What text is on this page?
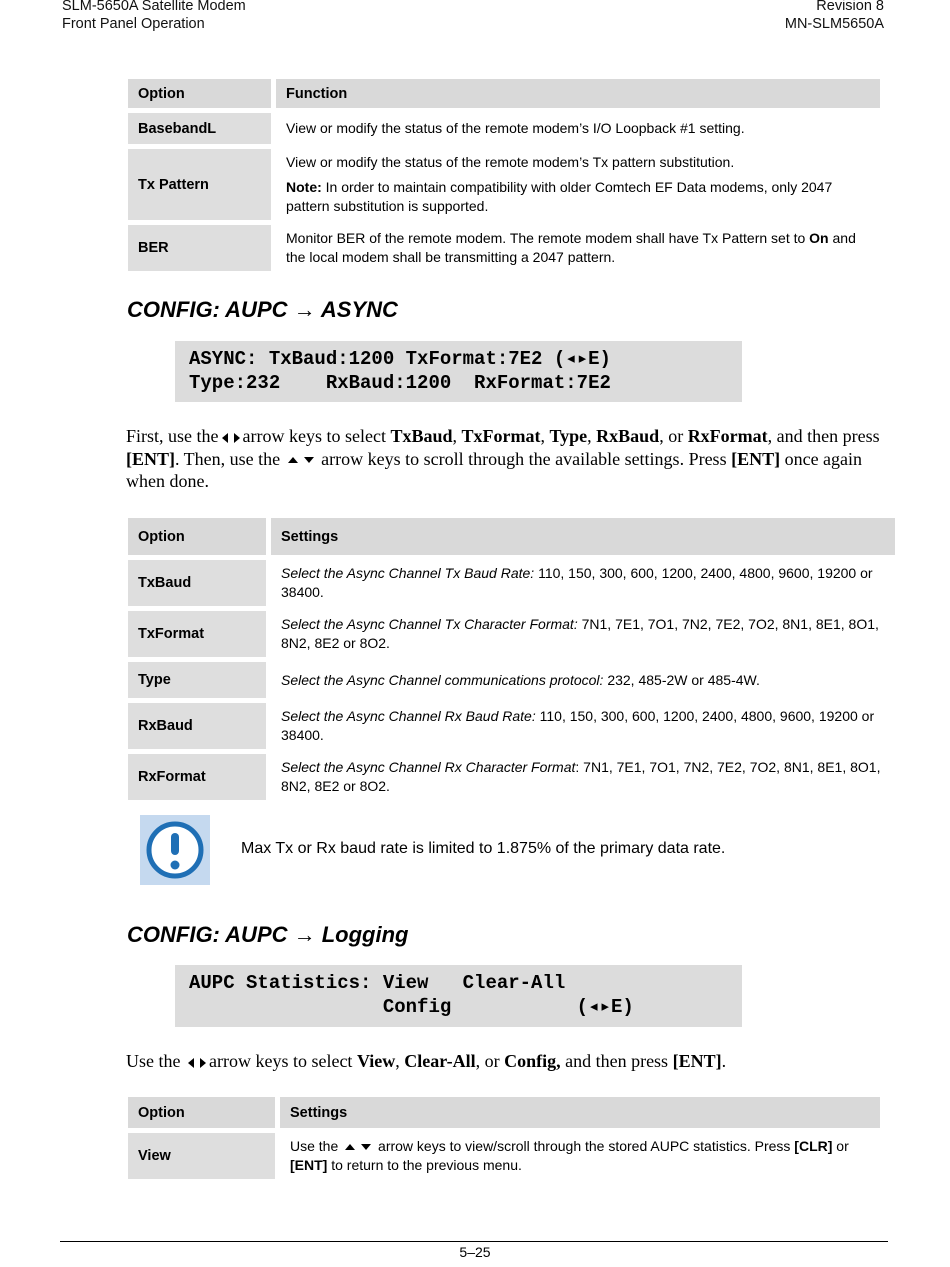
SLM-5650A Satellite Modem
Front Panel Operation
Revision 8
MN-SLM5650A
Option	Function
BasebandL	View or modify the status of the remote modem’s I/O Loopback #1 setting.
Tx Pattern	View or modify the status of the remote modem’s Tx pattern substitution.

Note: In order to maintain compatibility with older Comtech EF Data modems, only 2047 pattern substitution is supported.

BER	Monitor BER of the remote modem. The remote modem shall have Tx Pattern set to On and the local modem shall be transmitting a 2047 pattern.
CONFIG: AUPC → ASYNC
ASYNC: TxBaud:1200 TxFormat:7E2 (◂▸E)
Type:232    RxBaud:1200  RxFormat:7E2
First, use the arrow keys to select TxBaud, TxFormat, Type, RxBaud, or RxFormat, and then press [ENT]. Then, use the  arrow keys to scroll through the available settings. Press [ENT] once again when done.
Option	Settings
TxBaud	Select the Async Channel Tx Baud Rate: 110, 150, 300, 600, 1200, 2400, 4800, 9600, 19200 or 38400.
TxFormat	Select the Async Channel Tx Character Format: 7N1, 7E1, 7O1, 7N2, 7E2, 7O2, 8N1, 8E1, 8O1, 8N2, 8E2 or 8O2.
Type	Select the Async Channel communications protocol: 232, 485-2W or 485-4W.
RxBaud	Select the Async Channel Rx Baud Rate: 110, 150, 300, 600, 1200, 2400, 4800, 9600, 19200 or 38400.
RxFormat	Select the Async Channel Rx Character Format: 7N1, 7E1, 7O1, 7N2, 7E2, 7O2, 8N1, 8E1, 8O1, 8N2, 8E2 or 8O2.
Max Tx or Rx baud rate is limited to 1.875% of the primary data rate.
CONFIG: AUPC → Logging
AUPC Statistics: View   Clear-All
Config           (◂▸E)
Use the arrow keys to select View, Clear-All, or Config, and then press [ENT].
Option	Settings
View	Use the  arrow keys to view/scroll through the stored AUPC statistics. Press [CLR] or [ENT] to return to the previous menu.
5–25
